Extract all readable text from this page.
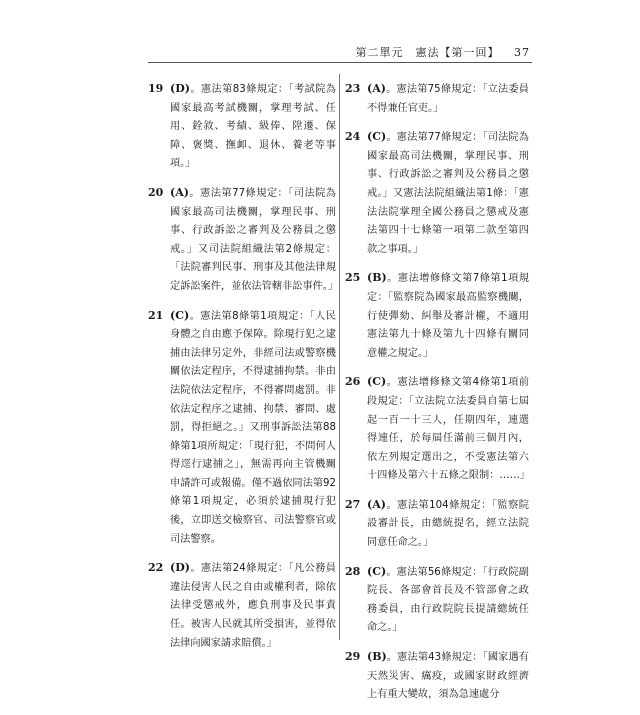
第二單元　憲法【第一回】 37
19 (D)。憲法第83條規定：「考試院為國家最高考試機關，掌理考試、任用、銓敘、考績、級俸、陞遷、保障、褒獎、撫卹、退休、養老等事項。」
20 (A)。憲法第77條規定：「司法院為國家最高司法機關，掌理民事、刑事、行政訴訟之審判及公務員之懲戒。」又司法院組織法第2條規定：「法院審判民事、刑事及其他法律規定訴訟案件，並依法管轄非訟事件。」
21 (C)。憲法第8條第1項規定：「人民身體之自由應予保障。除現行犯之逮捕由法律另定外，非經司法或警察機關依法定程序，不得逮捕拘禁。非由法院依法定程序，不得審問處罰。非依法定程序之逮捕、拘禁、審問、處罰，得拒絕之。」又刑事訴訟法第88條第1項所規定：「現行犯，不問何人得逕行逮捕之」，無需再向主管機關申請許可或報備。僅不過依同法第92條第1項規定，必須於逮捕現行犯後，立即送交檢察官、司法警察官或司法警察。
22 (D)。憲法第24條規定：「凡公務員違法侵害人民之自由或權利者，除依法律受懲戒外，應負刑事及民事責任。被害人民就其所受損害，並得依法律向國家請求賠償。」
23 (A)。憲法第75條規定：「立法委員不得兼任官吏。」
24 (C)。憲法第77條規定：「司法院為國家最高司法機關，掌理民事、刑事、行政訴訟之審判及公務員之懲戒。」又憲法法院組織法第1條：「憲法法院掌理全國公務員之懲戒及憲法第四十七條第一項第二款至第四款之事項。」
25 (B)。憲法增修條文第7條第1項規定：「監察院為國家最高監察機關，行使彈劾、糾舉及審計權，不適用憲法第九十條及第九十四條有關同意權之規定。」
26 (C)。憲法增修條文第4條第1項前段規定：「立法院立法委員自第七屆起一百一十三人，任期四年，連選得連任，於每屆任滿前三個月內，依左列規定選出之，不受憲法第六十四條及第六十五條之限制：……」
27 (A)。憲法第104條規定：「監察院設審計長，由總統提名，經立法院同意任命之。」
28 (C)。憲法第56條規定：「行政院副院長、各部會首長及不管部會之政務委員，由行政院院長提請總統任命之。」
29 (B)。憲法第43條規定：「國家遇有天然災害、癘疫，或國家財政經濟上有重大變故，須為急速處分
